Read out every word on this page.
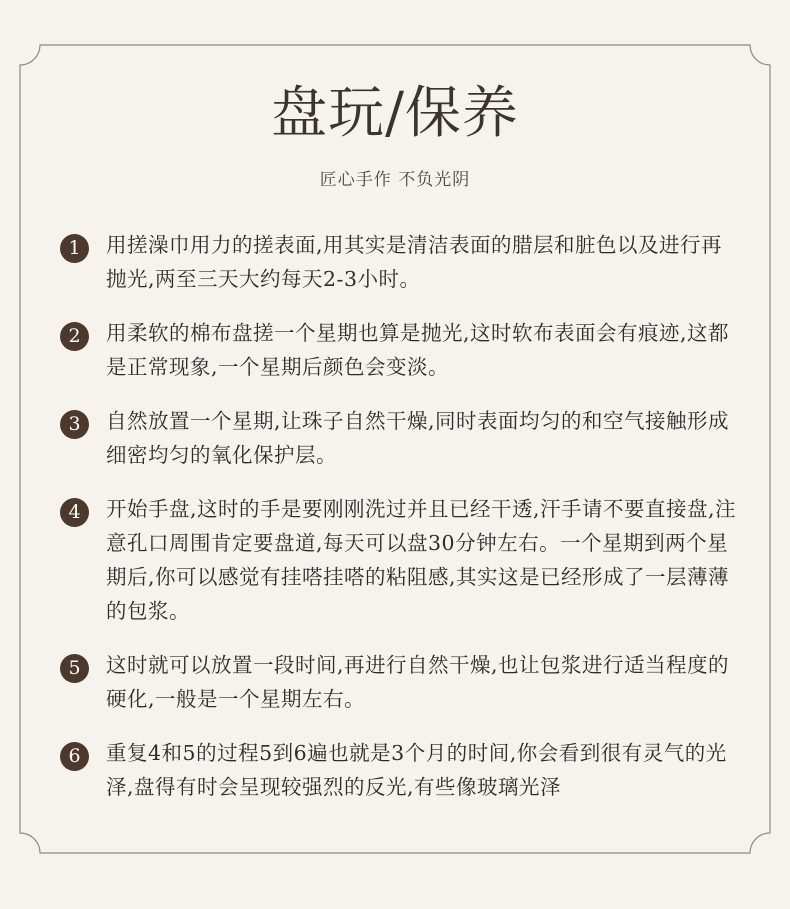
盘玩/保养
匠心手作 不负光阴
1	用搓澡巾用力的搓表面,用其实是清洁表面的腊层和脏色以及进行再抛光,两至三天大约每天2-3小时。
2	用柔软的棉布盘搓一个星期也算是抛光,这时软布表面会有痕迹,这都是正常现象,一个星期后颜色会变淡。
3	自然放置一个星期,让珠子自然干燥,同时表面均匀的和空气接触形成细密均匀的氧化保护层。
4	开始手盘,这时的手是要刚刚洗过并且已经干透,汗手请不要直接盘,注意孔口周围肯定要盘道,每天可以盘30分钟左右。一个星期到两个星期后,你可以感觉有挂嗒挂嗒的粘阻感,其实这是已经形成了一层薄薄的包浆。
5	这时就可以放置一段时间,再进行自然干燥,也让包浆进行适当程度的硬化,一般是一个星期左右。
6	重复4和5的过程5到6遍也就是3个月的时间,你会看到很有灵气的光泽,盘得有时会呈现较强烈的反光,有些像玻璃光泽
